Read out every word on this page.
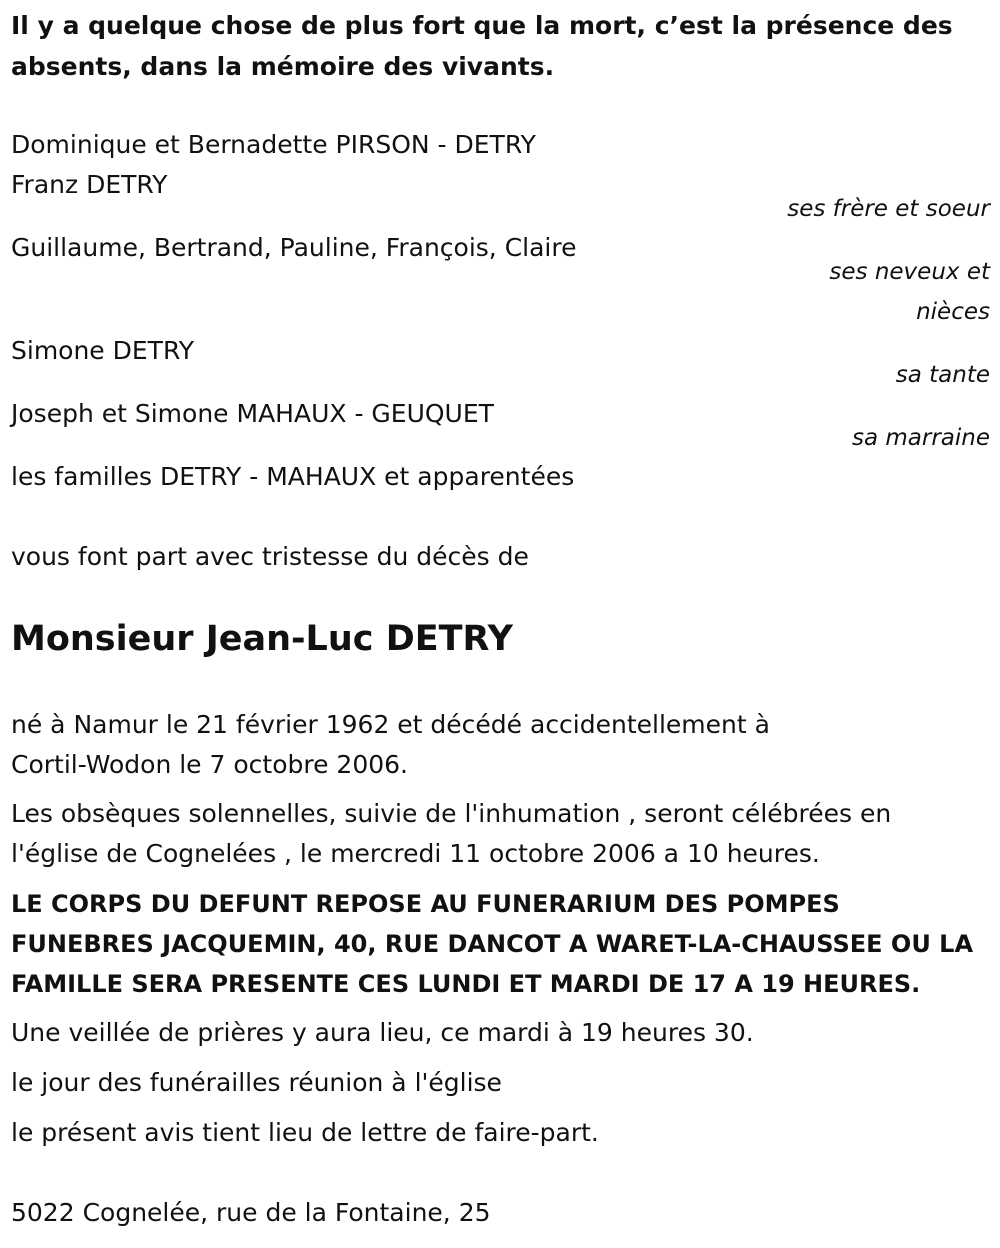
Il y a quelque chose de plus fort que la mort, c’est la présence des
absents, dans la mémoire des vivants.

Dominique et Bernadette PIRSON - DETRY

Franz DETRY

ses frère et soeur

Guillaume, Bertrand, Pauline, François, Claire

ses neveux et

nièces

Simone DETRY

sa tante

Joseph et Simone MAHAUX - GEUQUET

sa marraine

les familles DETRY - MAHAUX et apparentées

vous font part avec tristesse du décès de

Monsieur Jean-Luc DETRY

né à Namur le 21 février 1962 et décédé accidentellement à
Cortil-Wodon le 7 octobre 2006.

Les obsèques solennelles, suivie de l'inhumation , seront célébrées en
l'église de Cognelées , le mercredi 11 octobre 2006 a 10 heures.

LE CORPS DU DEFUNT REPOSE AU FUNERARIUM DES POMPES
FUNEBRES JACQUEMIN, 40, RUE DANCOT A WARET-LA-CHAUSSEE OU LA
FAMILLE SERA PRESENTE CES LUNDI ET MARDI DE 17 A 19 HEURES.

Une veillée de prières y aura lieu, ce mardi à 19 heures 30.

le jour des funérailles réunion à l'église

le présent avis tient lieu de lettre de faire-part.

5022 Cognelée, rue de la Fontaine, 25
